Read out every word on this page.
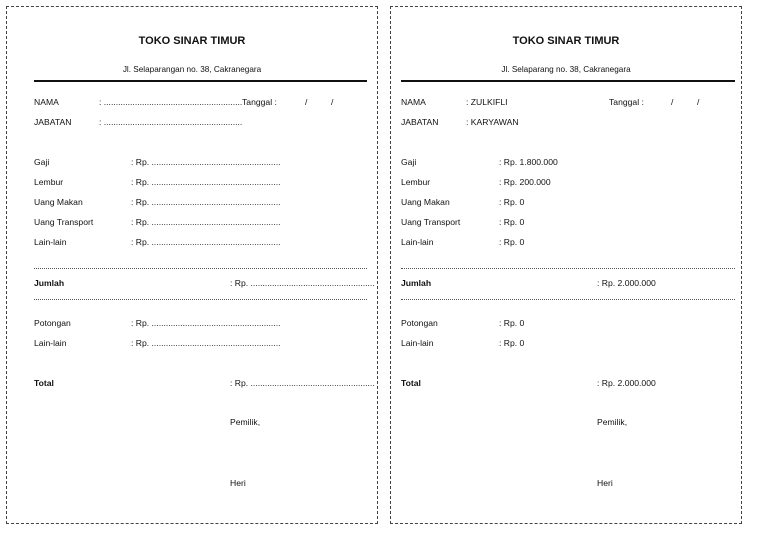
TOKO SINAR TIMUR
Jl. Selaparangan no. 38, Cakranegara
NAMA	: .......................................................... Tanggal :	/	/
JABATAN	: ..........................................................
Gaji	: Rp. ......................................................
Lembur	: Rp. ......................................................
Uang Makan	: Rp. ......................................................
Uang Transport	: Rp. ......................................................
Lain-lain	: Rp. ......................................................
Jumlah	: Rp. ....................................................
Potongan	: Rp. ......................................................
Lain-lain	: Rp. ......................................................
Total	: Rp. ....................................................
Pemilik,
Heri
TOKO SINAR TIMUR
Jl. Selaparang no. 38, Cakranegara
NAMA	: ZULKIFLI	Tanggal :	/	/
JABATAN	: KARYAWAN
Gaji	: Rp. 1.800.000
Lembur	: Rp. 200.000
Uang Makan	: Rp. 0
Uang Transport	: Rp. 0
Lain-lain	: Rp. 0
Jumlah	: Rp. 2.000.000
Potongan	: Rp. 0
Lain-lain	: Rp. 0
Total	: Rp. 2.000.000
Pemilik,
Heri
